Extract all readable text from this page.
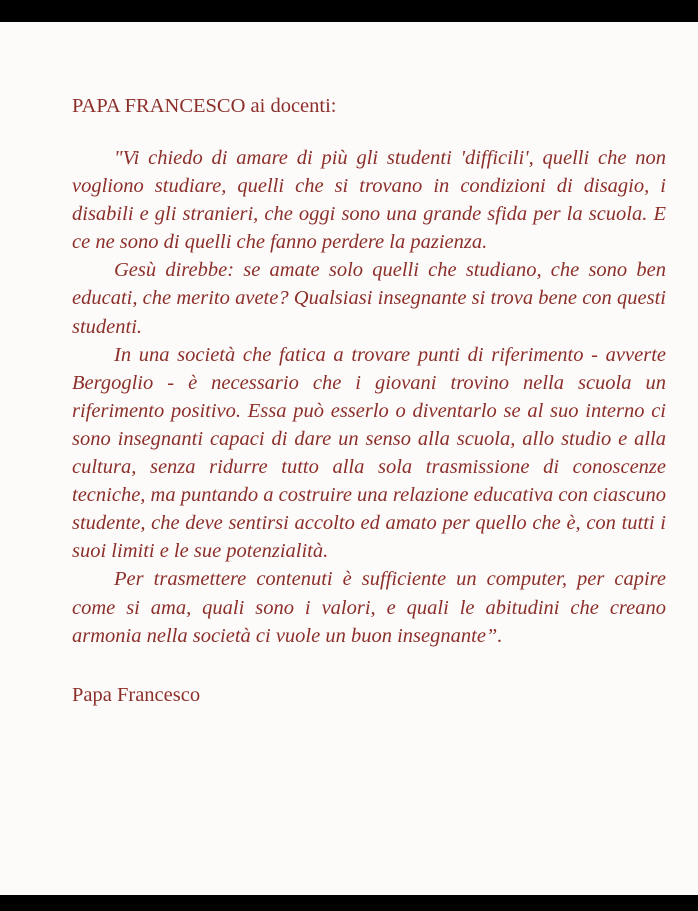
PAPA FRANCESCO ai docenti:

"Vi chiedo di amare di più gli studenti 'difficili', quelli che non vogliono studiare, quelli che si trovano in condizioni di disagio, i disabili e gli stranieri, che oggi sono una grande sfida per la scuola. E ce ne sono di quelli che fanno perdere la pazienza.

Gesù direbbe: se amate solo quelli che studiano, che sono ben educati, che merito avete? Qualsiasi insegnante si trova bene con questi studenti.

In una società che fatica a trovare punti di riferimento - avverte Bergoglio - è necessario che i giovani trovino nella scuola un riferimento positivo. Essa può esserlo o diventarlo se al suo interno ci sono insegnanti capaci di dare un senso alla scuola, allo studio e alla cultura, senza ridurre tutto alla sola trasmissione di conoscenze tecniche, ma puntando a costruire una relazione educativa con ciascuno studente, che deve sentirsi accolto ed amato per quello che è, con tutti i suoi limiti e le sue potenzialità.

Per trasmettere contenuti è sufficiente un computer, per capire come si ama, quali sono i valori, e quali le abitudini che creano armonia nella società ci vuole un buon insegnante”.

Papa Francesco
